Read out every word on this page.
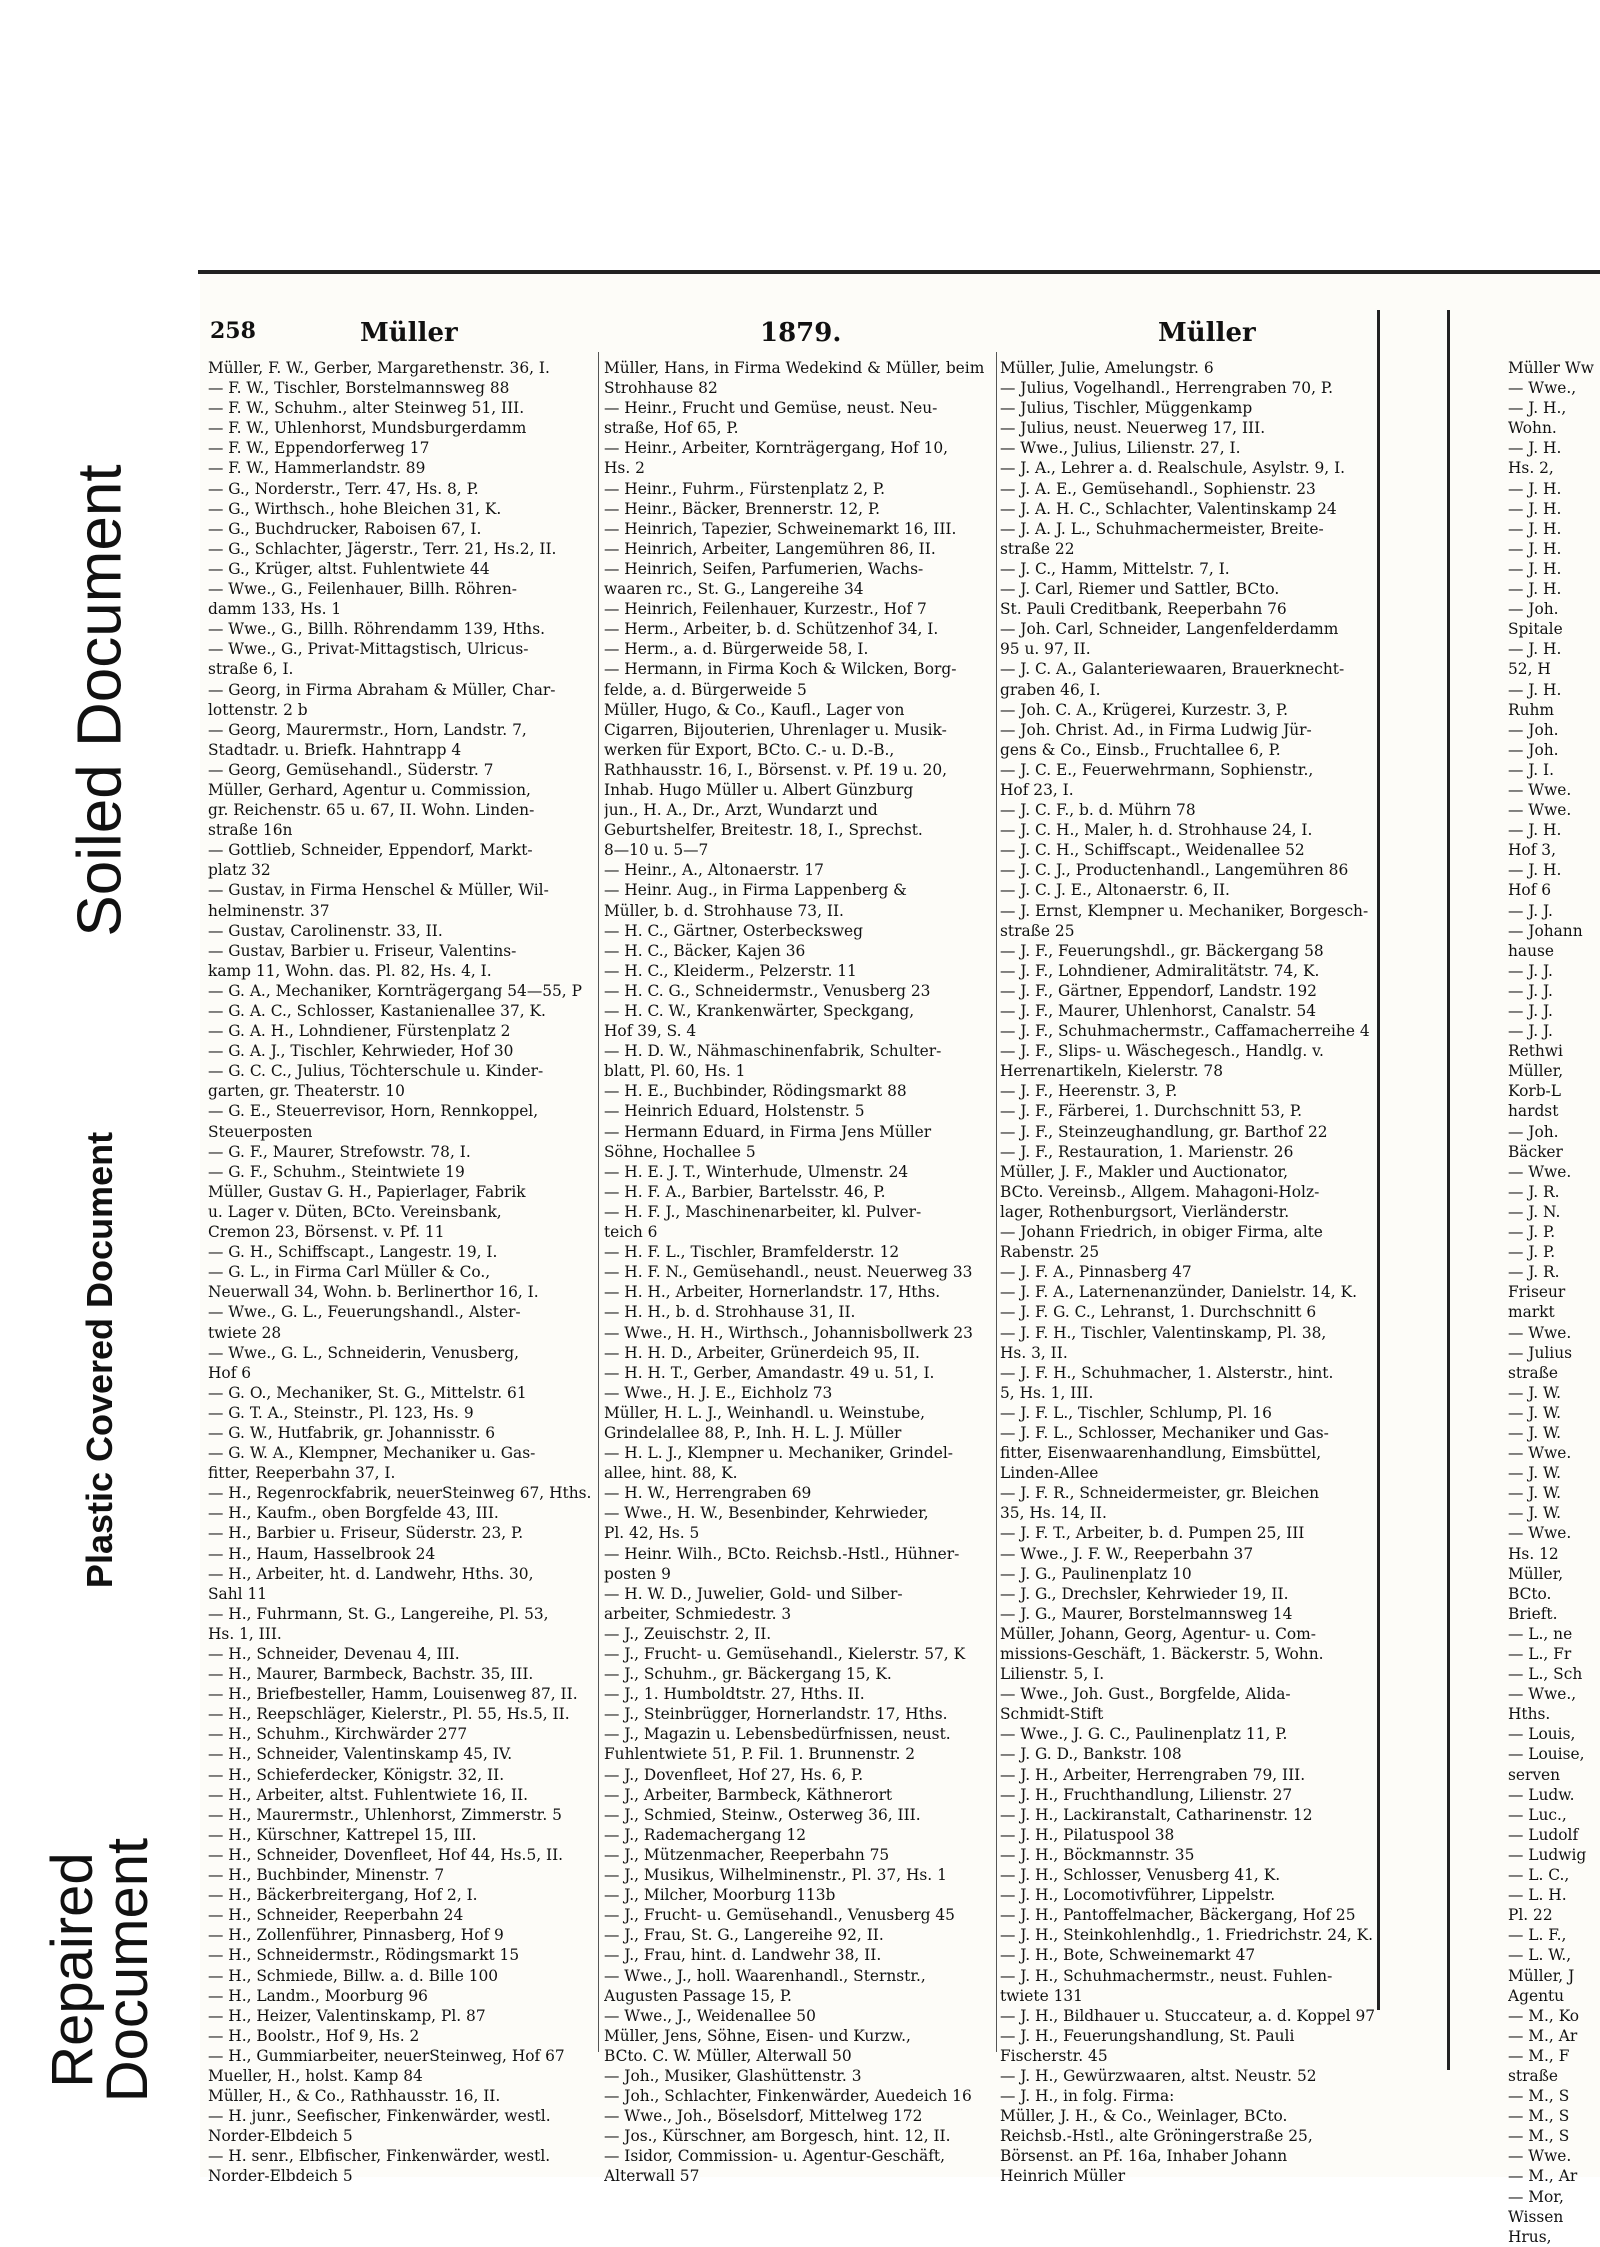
Soiled Document
Plastic Covered Document
Repaired
Document
258	Müller	1879.	Müller
Müller, F. W., Gerber, Margarethenstr. 36, I.
— F. W., Tischler, Borstelmannsweg 88
— F. W., Schuhm., alter Steinweg 51, III.
— F. W., Uhlenhorst, Mundsburgerdamm
— F. W., Eppendorferweg 17
— F. W., Hammerlandstr. 89
— G., Norderstr., Terr. 47, Hs. 8, P.
— G., Wirthsch., hohe Bleichen 31, K.
— G., Buchdrucker, Raboisen 67, I.
— G., Schlachter, Jägerstr., Terr. 21, Hs.2, II.
— G., Krüger, altst. Fuhlentwiete 44
— Wwe., G., Feilenhauer, Billh. Röhren-
damm 133, Hs. 1
— Wwe., G., Billh. Röhrendamm 139, Hths.
— Wwe., G., Privat-Mittagstisch, Ulricus-
straße 6, I.
— Georg, in Firma Abraham & Müller, Char-
lottenstr. 2 b
— Georg, Maurermstr., Horn, Landstr. 7,
Stadtadr. u. Briefk. Hahntrapp 4
— Georg, Gemüsehandl., Süderstr. 7
Müller, Gerhard, Agentur u. Commission,
gr. Reichenstr. 65 u. 67, II. Wohn. Linden-
straße 16n
— Gottlieb, Schneider, Eppendorf, Markt-
platz 32
— Gustav, in Firma Henschel & Müller, Wil-
helminenstr. 37
— Gustav, Carolinenstr. 33, II.
— Gustav, Barbier u. Friseur, Valentins-
kamp 11, Wohn. das. Pl. 82, Hs. 4, I.
— G. A., Mechaniker, Kornträgergang 54—55, P
— G. A. C., Schlosser, Kastanienallee 37, K.
— G. A. H., Lohndiener, Fürstenplatz 2
— G. A. J., Tischler, Kehrwieder, Hof 30
— G. C. C., Julius, Töchterschule u. Kinder-
garten, gr. Theaterstr. 10
— G. E., Steuerrevisor, Horn, Rennkoppel,
Steuerposten
— G. F., Maurer, Strefowstr. 78, I.
— G. F., Schuhm., Steintwiete 19
Müller, Gustav G. H., Papierlager, Fabrik
u. Lager v. Düten, BCto. Vereinsbank,
Cremon 23, Börsenst. v. Pf. 11
— G. H., Schiffscapt., Langestr. 19, I.
— G. L., in Firma Carl Müller & Co.,
Neuerwall 34, Wohn. b. Berlinerthor 16, I.
— Wwe., G. L., Feuerungshandl., Alster-
twiete 28
— Wwe., G. L., Schneiderin, Venusberg,
Hof 6
— G. O., Mechaniker, St. G., Mittelstr. 61
— G. T. A., Steinstr., Pl. 123, Hs. 9
— G. W., Hutfabrik, gr. Johannisstr. 6
— G. W. A., Klempner, Mechaniker u. Gas-
fitter, Reeperbahn 37, I.
— H., Regenrockfabrik, neuerSteinweg 67, Hths.
— H., Kaufm., oben Borgfelde 43, III.
— H., Barbier u. Friseur, Süderstr. 23, P.
— H., Haum, Hasselbrook 24
— H., Arbeiter, ht. d. Landwehr, Hths. 30,
Sahl 11
— H., Fuhrmann, St. G., Langereihe, Pl. 53,
Hs. 1, III.
— H., Schneider, Devenau 4, III.
— H., Maurer, Barmbeck, Bachstr. 35, III.
— H., Briefbesteller, Hamm, Louisenweg 87, II.
— H., Reepschläger, Kielerstr., Pl. 55, Hs.5, II.
— H., Schuhm., Kirchwärder 277
— H., Schneider, Valentinskamp 45, IV.
— H., Schieferdecker, Königstr. 32, II.
— H., Arbeiter, altst. Fuhlentwiete 16, II.
— H., Maurermstr., Uhlenhorst, Zimmerstr. 5
— H., Kürschner, Kattrepel 15, III.
— H., Schneider, Dovenfleet, Hof 44, Hs.5, II.
— H., Buchbinder, Minenstr. 7
— H., Bäckerbreitergang, Hof 2, I.
— H., Schneider, Reeperbahn 24
— H., Zollenführer, Pinnasberg, Hof 9
— H., Schneidermstr., Rödingsmarkt 15
— H., Schmiede, Billw. a. d. Bille 100
— H., Landm., Moorburg 96
— H., Heizer, Valentinskamp, Pl. 87
— H., Boolstr., Hof 9, Hs. 2
— H., Gummiarbeiter, neuerSteinweg, Hof 67
Mueller, H., holst. Kamp 84
Müller, H., & Co., Rathhausstr. 16, II.
— H. junr., Seefischer, Finkenwärder, westl.
Norder-Elbdeich 5
— H. senr., Elbfischer, Finkenwärder, westl.
Norder-Elbdeich 5
Müller, Hans, in Firma Wedekind & Müller, beim
Strohhause 82
— Heinr., Frucht und Gemüse, neust. Neu-
straße, Hof 65, P.
— Heinr., Arbeiter, Kornträgergang, Hof 10,
Hs. 2
— Heinr., Fuhrm., Fürstenplatz 2, P.
— Heinr., Bäcker, Brennerstr. 12, P.
— Heinrich, Tapezier, Schweinemarkt 16, III.
— Heinrich, Arbeiter, Langemühren 86, II.
— Heinrich, Seifen, Parfumerien, Wachs-
waaren rc., St. G., Langereihe 34
— Heinrich, Feilenhauer, Kurzestr., Hof 7
— Herm., Arbeiter, b. d. Schützenhof 34, I.
— Herm., a. d. Bürgerweide 58, I.
— Hermann, in Firma Koch & Wilcken, Borg-
felde, a. d. Bürgerweide 5
Müller, Hugo, & Co., Kaufl., Lager von
Cigarren, Bijouterien, Uhrenlager u. Musik-
werken für Export, BCto. C.- u. D.-B.,
Rathhausstr. 16, I., Börsenst. v. Pf. 19 u. 20,
Inhab. Hugo Müller u. Albert Günzburg
jun., H. A., Dr., Arzt, Wundarzt und
Geburtshelfer, Breitestr. 18, I., Sprechst.
8—10 u. 5—7
— Heinr., A., Altonaerstr. 17
— Heinr. Aug., in Firma Lappenberg &
Müller, b. d. Strohhause 73, II.
— H. C., Gärtner, Osterbecksweg
— H. C., Bäcker, Kajen 36
— H. C., Kleiderm., Pelzerstr. 11
— H. C. G., Schneidermstr., Venusberg 23
— H. C. W., Krankenwärter, Speckgang,
Hof 39, S. 4
— H. D. W., Nähmaschinenfabrik, Schulter-
blatt, Pl. 60, Hs. 1
— H. E., Buchbinder, Rödingsmarkt 88
— Heinrich Eduard, Holstenstr. 5
— Hermann Eduard, in Firma Jens Müller
Söhne, Hochallee 5
— H. E. J. T., Winterhude, Ulmenstr. 24
— H. F. A., Barbier, Bartelsstr. 46, P.
— H. F. J., Maschinenarbeiter, kl. Pulver-
teich 6
— H. F. L., Tischler, Bramfelderstr. 12
— H. F. N., Gemüsehandl., neust. Neuerweg 33
— H. H., Arbeiter, Hornerlandstr. 17, Hths.
— H. H., b. d. Strohhause 31, II.
— Wwe., H. H., Wirthsch., Johannisbollwerk 23
— H. H. D., Arbeiter, Grünerdeich 95, II.
— H. H. T., Gerber, Amandastr. 49 u. 51, I.
— Wwe., H. J. E., Eichholz 73
Müller, H. L. J., Weinhandl. u. Weinstube,
Grindelallee 88, P., Inh. H. L. J. Müller
— H. L. J., Klempner u. Mechaniker, Grindel-
allee, hint. 88, K.
— H. W., Herrengraben 69
— Wwe., H. W., Besenbinder, Kehrwieder,
Pl. 42, Hs. 5
— Heinr. Wilh., BCto. Reichsb.-Hstl., Hühner-
posten 9
— H. W. D., Juwelier, Gold- und Silber-
arbeiter, Schmiedestr. 3
— J., Zeuischstr. 2, II.
— J., Frucht- u. Gemüsehandl., Kielerstr. 57, K
— J., Schuhm., gr. Bäckergang 15, K.
— J., 1. Humboldtstr. 27, Hths. II.
— J., Steinbrügger, Hornerlandstr. 17, Hths.
— J., Magazin u. Lebensbedürfnissen, neust.
Fuhlentwiete 51, P. Fil. 1. Brunnenstr. 2
— J., Dovenfleet, Hof 27, Hs. 6, P.
— J., Arbeiter, Barmbeck, Käthnerort
— J., Schmied, Steinw., Osterweg 36, III.
— J., Rademachergang 12
— J., Mützenmacher, Reeperbahn 75
— J., Musikus, Wilhelminenstr., Pl. 37, Hs. 1
— J., Milcher, Moorburg 113b
— J., Frucht- u. Gemüsehandl., Venusberg 45
— J., Frau, St. G., Langereihe 92, II.
— J., Frau, hint. d. Landwehr 38, II.
— Wwe., J., holl. Waarenhandl., Sternstr.,
Augusten Passage 15, P.
— Wwe., J., Weidenallee 50
Müller, Jens, Söhne, Eisen- und Kurzw.,
BCto. C. W. Müller, Alterwall 50
— Joh., Musiker, Glashüttenstr. 3
— Joh., Schlachter, Finkenwärder, Auedeich 16
— Wwe., Joh., Böselsdorf, Mittelweg 172
— Jos., Kürschner, am Borgesch, hint. 12, II.
— Isidor, Commission- u. Agentur-Geschäft,
Alterwall 57
Müller, Julie, Amelungstr. 6
— Julius, Vogelhandl., Herrengraben 70, P.
— Julius, Tischler, Müggenkamp
— Julius, neust. Neuerweg 17, III.
— Wwe., Julius, Lilienstr. 27, I.
— J. A., Lehrer a. d. Realschule, Asylstr. 9, I.
— J. A. E., Gemüsehandl., Sophienstr. 23
— J. A. H. C., Schlachter, Valentinskamp 24
— J. A. J. L., Schuhmachermeister, Breite-
straße 22
— J. C., Hamm, Mittelstr. 7, I.
— J. Carl, Riemer und Sattler, BCto.
St. Pauli Creditbank, Reeperbahn 76
— Joh. Carl, Schneider, Langenfelderdamm
95 u. 97, II.
— J. C. A., Galanteriewaaren, Brauerknecht-
graben 46, I.
— Joh. C. A., Krügerei, Kurzestr. 3, P.
— Joh. Christ. Ad., in Firma Ludwig Jür-
gens & Co., Einsb., Fruchtallee 6, P.
— J. C. E., Feuerwehrmann, Sophienstr.,
Hof 23, I.
— J. C. F., b. d. Mührn 78
— J. C. H., Maler, h. d. Strohhause 24, I.
— J. C. H., Schiffscapt., Weidenallee 52
— J. C. J., Productenhandl., Langemühren 86
— J. C. J. E., Altonaerstr. 6, II.
— J. Ernst, Klempner u. Mechaniker, Borgesch-
straße 25
— J. F., Feuerungshdl., gr. Bäckergang 58
— J. F., Lohndiener, Admiralitätstr. 74, K.
— J. F., Gärtner, Eppendorf, Landstr. 192
— J. F., Maurer, Uhlenhorst, Canalstr. 54
— J. F., Schuhmachermstr., Caffamacherreihe 4
— J. F., Slips- u. Wäschegesch., Handlg. v.
Herrenartikeln, Kielerstr. 78
— J. F., Heerenstr. 3, P.
— J. F., Färberei, 1. Durchschnitt 53, P.
— J. F., Steinzeughandlung, gr. Barthof 22
— J. F., Restauration, 1. Marienstr. 26
Müller, J. F., Makler und Auctionator,
BCto. Vereinsb., Allgem. Mahagoni-Holz-
lager, Rothenburgsort, Vierländerstr.
— Johann Friedrich, in obiger Firma, alte
Rabenstr. 25
— J. F. A., Pinnasberg 47
— J. F. A., Laternenanzünder, Danielstr. 14, K.
— J. F. G. C., Lehranst, 1. Durchschnitt 6
— J. F. H., Tischler, Valentinskamp, Pl. 38,
Hs. 3, II.
— J. F. H., Schuhmacher, 1. Alsterstr., hint.
5, Hs. 1, III.
— J. F. L., Tischler, Schlump, Pl. 16
— J. F. L., Schlosser, Mechaniker und Gas-
fitter, Eisenwaarenhandlung, Eimsbüttel,
Linden-Allee
— J. F. R., Schneidermeister, gr. Bleichen
35, Hs. 14, II.
— J. F. T., Arbeiter, b. d. Pumpen 25, III
— Wwe., J. F. W., Reeperbahn 37
— J. G., Paulinenplatz 10
— J. G., Drechsler, Kehrwieder 19, II.
— J. G., Maurer, Borstelmannsweg 14
Müller, Johann, Georg, Agentur- u. Com-
missions-Geschäft, 1. Bäckerstr. 5, Wohn.
Lilienstr. 5, I.
— Wwe., Joh. Gust., Borgfelde, Alida-
Schmidt-Stift
— Wwe., J. G. C., Paulinenplatz 11, P.
— J. G. D., Bankstr. 108
— J. H., Arbeiter, Herrengraben 79, III.
— J. H., Fruchthandlung, Lilienstr. 27
— J. H., Lackiranstalt, Catharinenstr. 12
— J. H., Pilatuspool 38
— J. H., Böckmannstr. 35
— J. H., Schlosser, Venusberg 41, K.
— J. H., Locomotivführer, Lippelstr.
— J. H., Pantoffelmacher, Bäckergang, Hof 25
— J. H., Steinkohlenhdlg., 1. Friedrichstr. 24, K.
— J. H., Bote, Schweinemarkt 47
— J. H., Schuhmachermstr., neust. Fuhlen-
twiete 131
— J. H., Bildhauer u. Stuccateur, a. d. Koppel 97
— J. H., Feuerungshandlung, St. Pauli
Fischerstr. 45
— J. H., Gewürzwaaren, altst. Neustr. 52
— J. H., in folg. Firma:
Müller, J. H., & Co., Weinlager, BCto.
Reichsb.-Hstl., alte Gröningerstraße 25,
Börsenst. an Pf. 16a, Inhaber Johann
Heinrich Müller
Müller Ww
— Wwe.,
— J. H.,
Wohn.
— J. H.
Hs. 2,
— J. H.
— J. H.
— J. H.
— J. H.
— J. H.
— J. H.
— Joh.
Spitale
— J. H.
52, H
— J. H.
Ruhm
— Joh.
— Joh.
— J. I.
— Wwe.
— Wwe.
— J. H.
Hof 3,
— J. H.
Hof 6
— J. J.
— Johann
hause
— J. J.
— J. J.
— J. J.
— J. J.
Rethwi
Müller,
Korb-L
hardst
— Joh.
Bäcker
— Wwe.
— J. R.
— J. N.
— J. P.
— J. P.
— J. R.
Friseur
markt
— Wwe.
— Julius
straße
— J. W.
— J. W.
— J. W.
— Wwe.
— J. W.
— J. W.
— J. W.
— Wwe.
Hs. 12
Müller,
BCto.
Brieft.
— L., ne
— L., Fr
— L., Sch
— Wwe.,
Hths.
— Louis,
— Louise,
serven
— Ludw.
— Luc.,
— Ludolf
— Ludwig
— L. C.,
— L. H.
Pl. 22
— L. F.,
— L. W.,
Müller, J
Agentu
— M., Ko
— M., Ar
— M., F
straße
— M., S
— M., S
— M., S
— Wwe.
— M., Ar
— Mor,
Wissen
Hrus,
